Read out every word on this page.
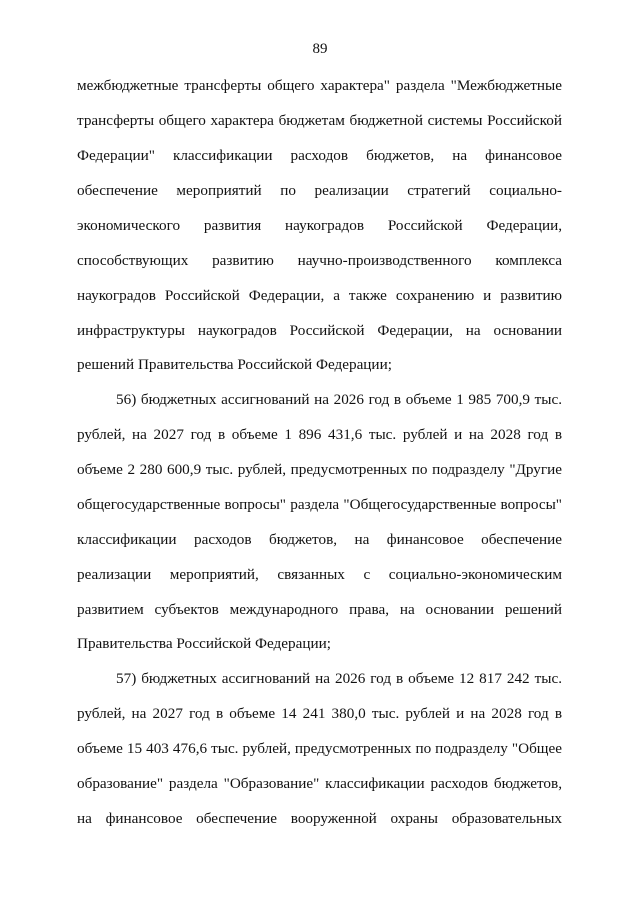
89
межбюджетные трансферты общего характера" раздела "Межбюджетные
трансферты общего характера бюджетам бюджетной системы Российской
Федерации" классификации расходов бюджетов, на финансовое
обеспечение мероприятий по реализации стратегий социально-
экономического развития наукоградов Российской Федерации,
способствующих развитию научно-производственного комплекса
наукоградов Российской Федерации, а также сохранению и развитию
инфраструктуры наукоградов Российской Федерации, на основании
решений Правительства Российской Федерации;
56) бюджетных ассигнований на 2026 год в объеме 1 985 700,9 тыс.
рублей, на 2027 год в объеме 1 896 431,6 тыс. рублей и на 2028 год в
объеме 2 280 600,9 тыс. рублей, предусмотренных по подразделу "Другие
общегосударственные вопросы" раздела "Общегосударственные вопросы"
классификации расходов бюджетов, на финансовое обеспечение
реализации мероприятий, связанных с социально-экономическим
развитием субъектов международного права, на основании решений
Правительства Российской Федерации;
57) бюджетных ассигнований на 2026 год в объеме 12 817 242 тыс.
рублей, на 2027 год в объеме 14 241 380,0 тыс. рублей и на 2028 год в
объеме 15 403 476,6 тыс. рублей, предусмотренных по подразделу "Общее
образование" раздела "Образование" классификации расходов бюджетов,
на финансовое обеспечение вооруженной охраны образовательных
